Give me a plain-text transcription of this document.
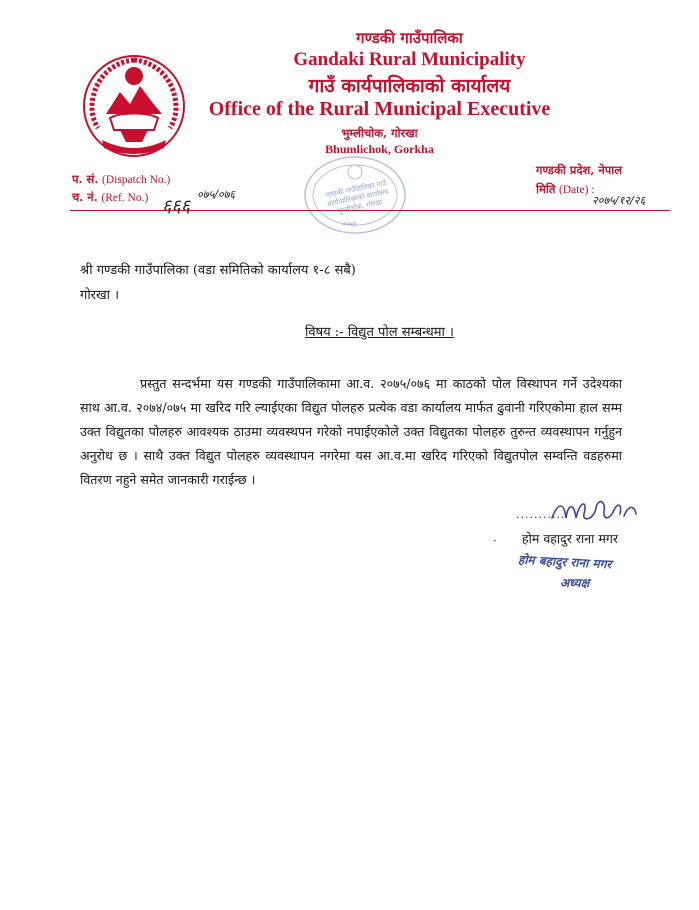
गण्डकी गाउँपालिका
Gandaki Rural Municipality
गाउँ कार्यपालिकाको कार्यालय
Office of the Rural Municipal Executive
भुम्लीचोक, गोरखा
Bhumlichok, Gorkha
गण्डकी गाउँपालिका गाउँ कार्यपालिकाको कार्यालय भुम्लीचोक, गोरखा
२०७३
प. सं. (Dispatch No.)
च. नं. (Ref. No.) ६६६
०७५/०७६
गण्डकी प्रदेश, नेपाल
मिति (Date) :
२०७५/१२/२६
श्री गण्डकी गाउँपालिका (वडा समितिको कार्यालय १-८ सबै)
गोरखा ।
विषय :- विद्युत पोल सम्बन्धमा ।
प्रस्तुत सन्दर्भमा यस गण्डकी गाउँपालिकामा आ.व. २०७५/०७६ मा काठको पोल विस्थापन गर्ने उदेश्यका साथ आ.व. २०७४/०७५ मा खरिद गरि ल्याईएका विद्युत पोलहरु प्रत्येक वडा कार्यालय मार्फत ढुवानी गरिएकोमा हाल सम्म उक्त विद्युतका पोलहरु आवश्यक ठाउमा व्यवस्थपन गरेको नपाईएकोले उक्त विद्युतका पोलहरु तुरुन्त व्यवस्थापन गर्नुहुन अनुरोध छ । साथै उक्त विद्युत पोलहरु व्यवस्थापन नगरेमा यस आ.व.मा खरिद गरिएको विद्युतपोल सम्वन्ति वडहरुमा वितरण नहुने समेत जानकारी गराईन्छ ।
...........
होम वहादुर राना मगर
·
होम बहादुर राना मगर
अध्यक्ष
